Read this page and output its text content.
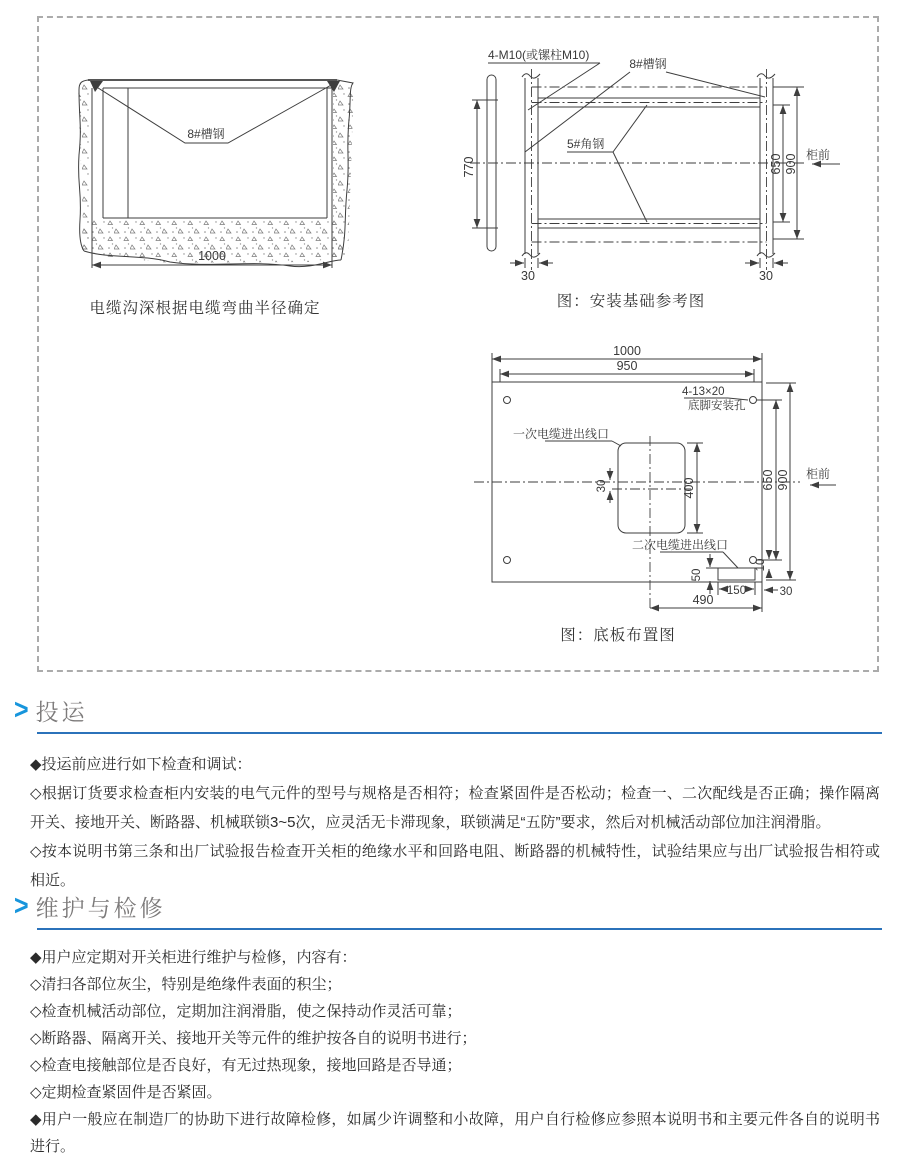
8#槽钢
1000
电缆沟深根据电缆弯曲半径确定
770
4-M10(或镙柱M10)
8#槽钢
5#角钢
650 900 柜前
30	30
图：安装基础参考图
1000
950
4-13×20
底脚安装孔
一次电缆进出线口
30	400	650 900 柜前
二次电缆进出线口
50
10
150	30
490
图：底板布置图
> 投运

◆投运前应进行如下检查和调试：

◇根据订货要求检查柜内安装的电气元件的型号与规格是否相符；检查紧固件是否松动；检查一、二次配线是否正确；操作隔离开关、接地开关、断路器、机械联锁3~5次，应灵活无卡滞现象，联锁满足“五防”要求，然后对机械活动部位加注润滑脂。

◇按本说明书第三条和出厂试验报告检查开关柜的绝缘水平和回路电阻、断路器的机械特性，试验结果应与出厂试验报告相符或相近。

> 维护与检修

◆用户应定期对开关柜进行维护与检修，内容有：

◇清扫各部位灰尘，特别是绝缘件表面的积尘；

◇检查机械活动部位，定期加注润滑脂，使之保持动作灵活可靠；

◇断路器、隔离开关、接地开关等元件的维护按各自的说明书进行；

◇检查电接触部位是否良好，有无过热现象，接地回路是否导通；

◇定期检查紧固件是否紧固。

◆用户一般应在制造厂的协助下进行故障检修，如属少许调整和小故障，用户自行检修应参照本说明书和主要元件各自的说明书进行。
